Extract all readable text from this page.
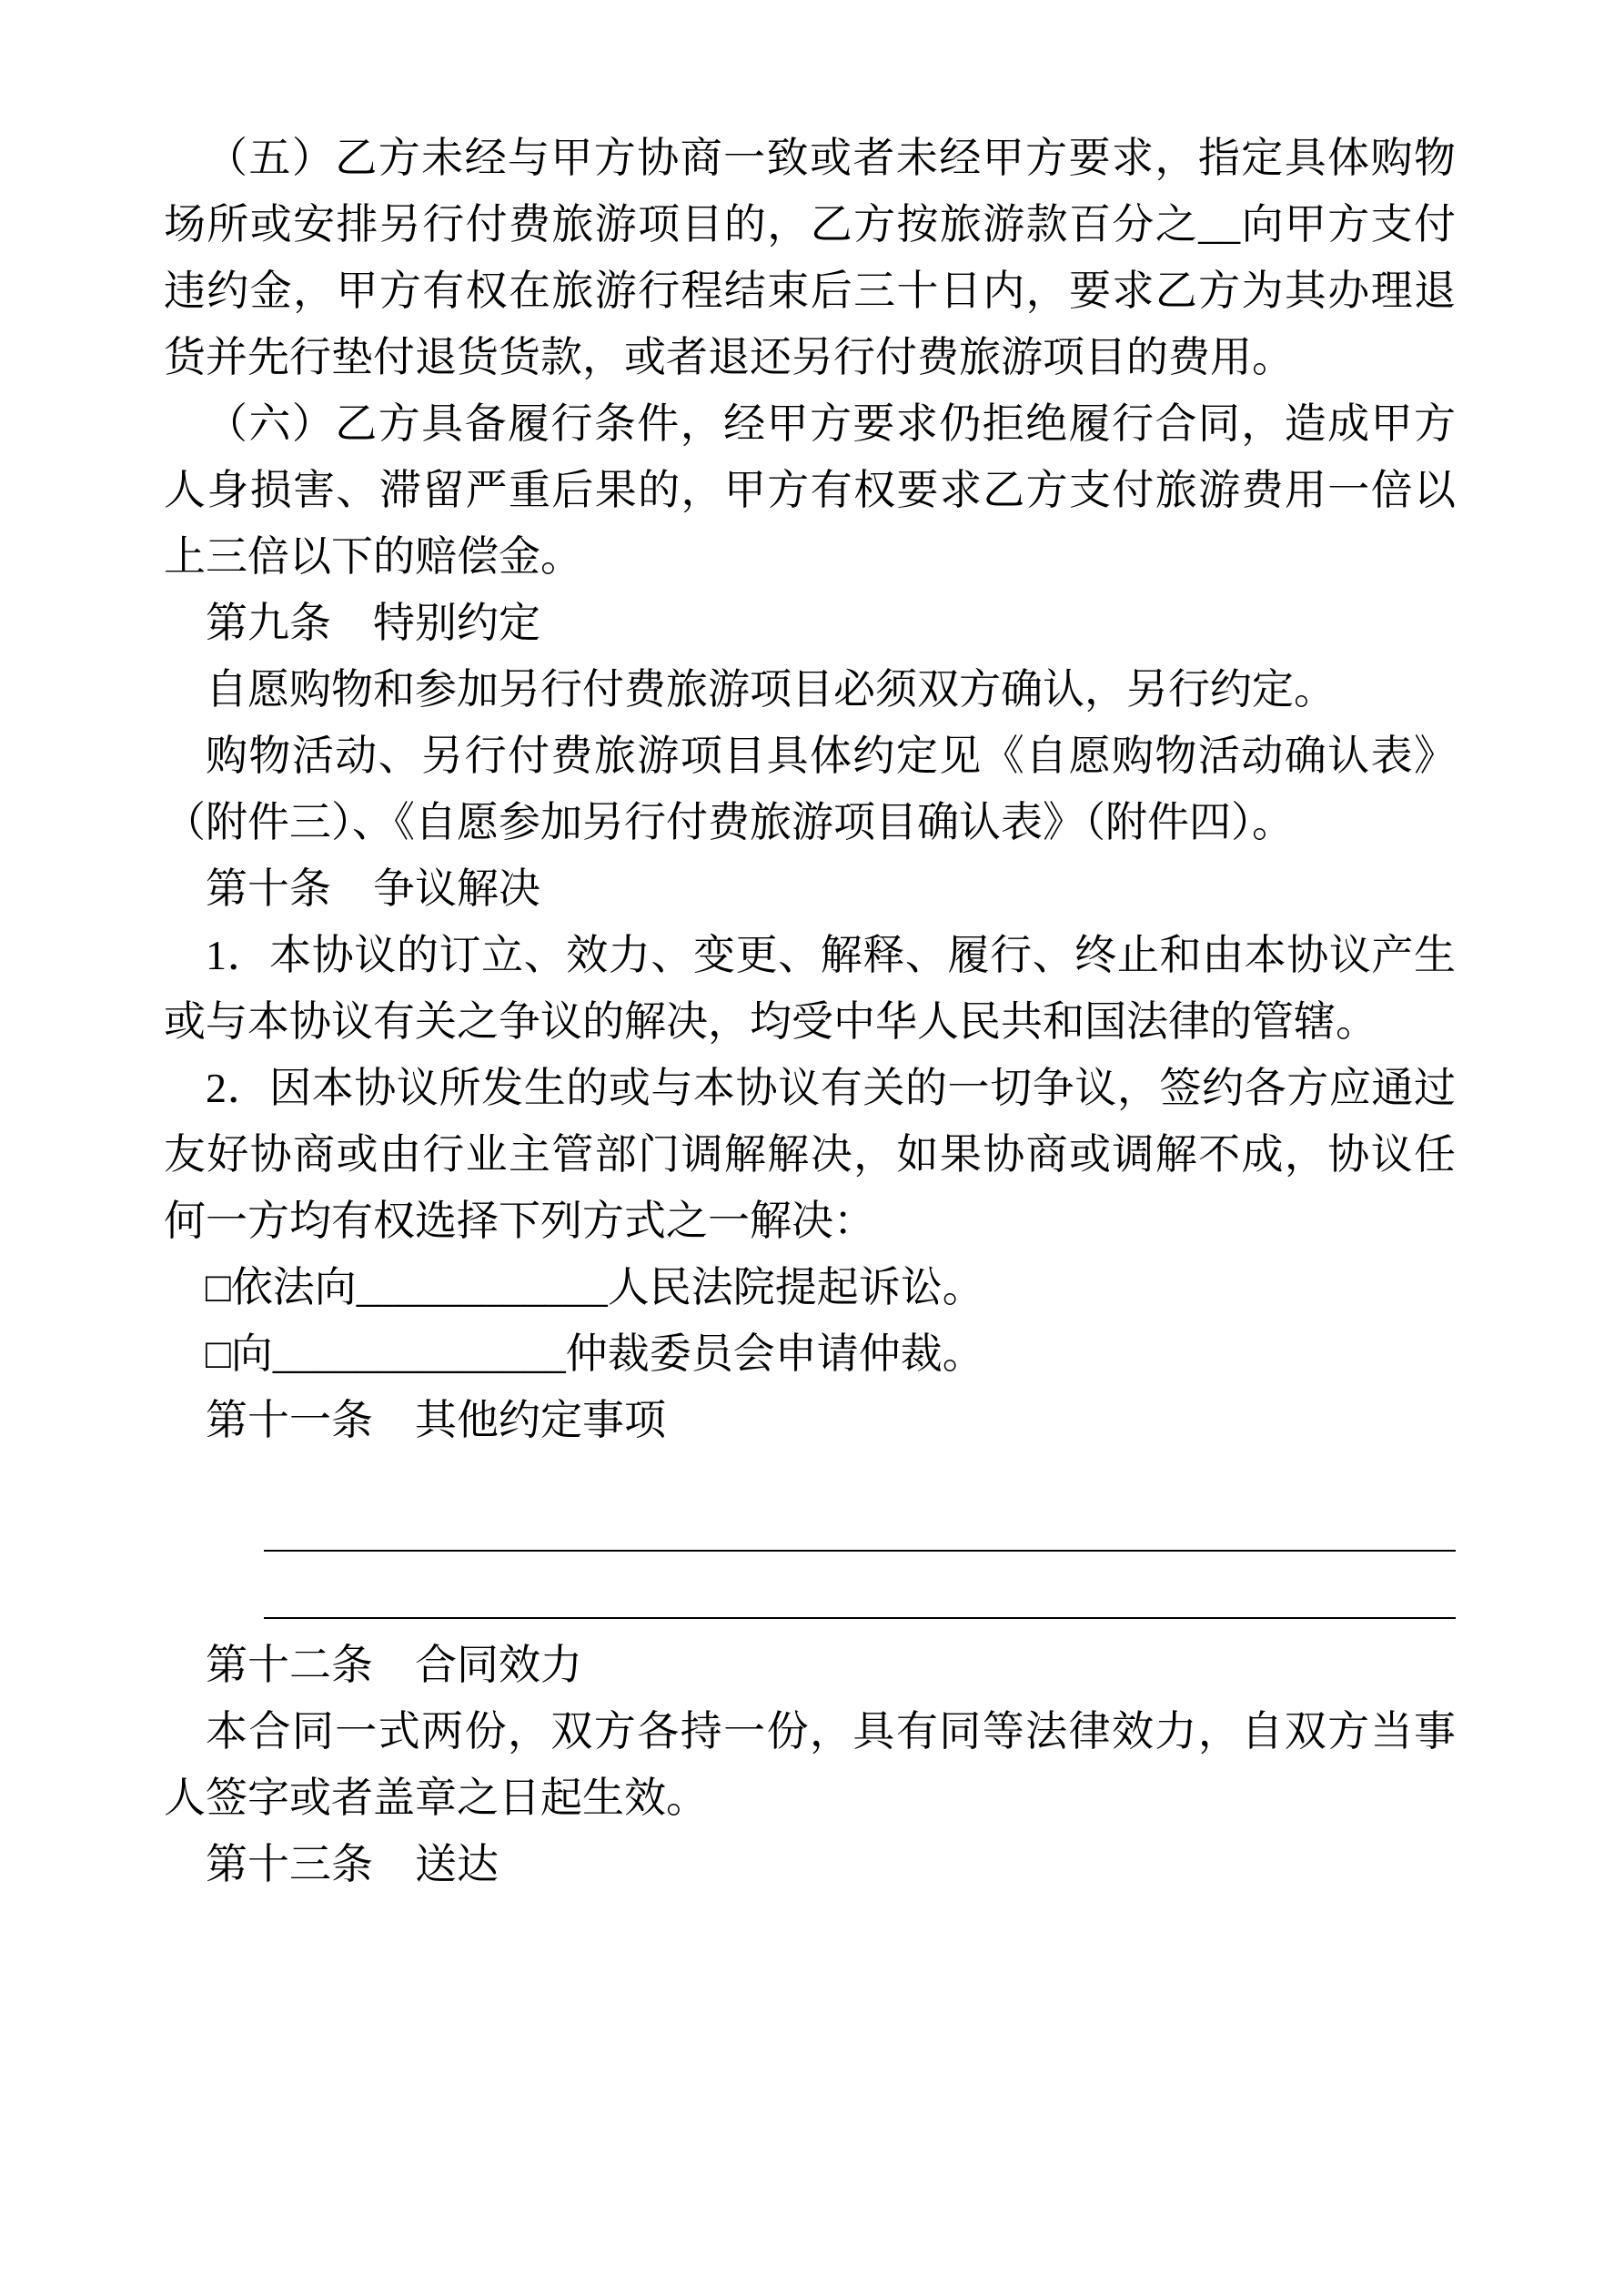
（五）乙方未经与甲方协商一致或者未经甲方要求，指定具体购物场所或安排另行付费旅游项目的，乙方按旅游款百分之__向甲方支付违约金，甲方有权在旅游行程结束后三十日内，要求乙方为其办理退货并先行垫付退货货款，或者退还另行付费旅游项目的费用。

（六）乙方具备履行条件，经甲方要求仍拒绝履行合同，造成甲方人身损害、滞留严重后果的，甲方有权要求乙方支付旅游费用一倍以上三倍以下的赔偿金。

第九条　特别约定

自愿购物和参加另行付费旅游项目必须双方确认，另行约定。

购物活动、另行付费旅游项目具体约定见《自愿购物活动确认表》（附件三）、《自愿参加另行付费旅游项目确认表》（附件四）。

第十条　争议解决

1．本协议的订立、效力、变更、解释、履行、终止和由本协议产生或与本协议有关之争议的解决，均受中华人民共和国法律的管辖。

2．因本协议所发生的或与本协议有关的一切争议，签约各方应通过友好协商或由行业主管部门调解解决，如果协商或调解不成，协议任何一方均有权选择下列方式之一解决：

□依法向____________人民法院提起诉讼。

□向______________仲裁委员会申请仲裁。

第十一条　其他约定事项

第十二条　合同效力

本合同一式两份，双方各持一份，具有同等法律效力，自双方当事人签字或者盖章之日起生效。

第十三条　送达
